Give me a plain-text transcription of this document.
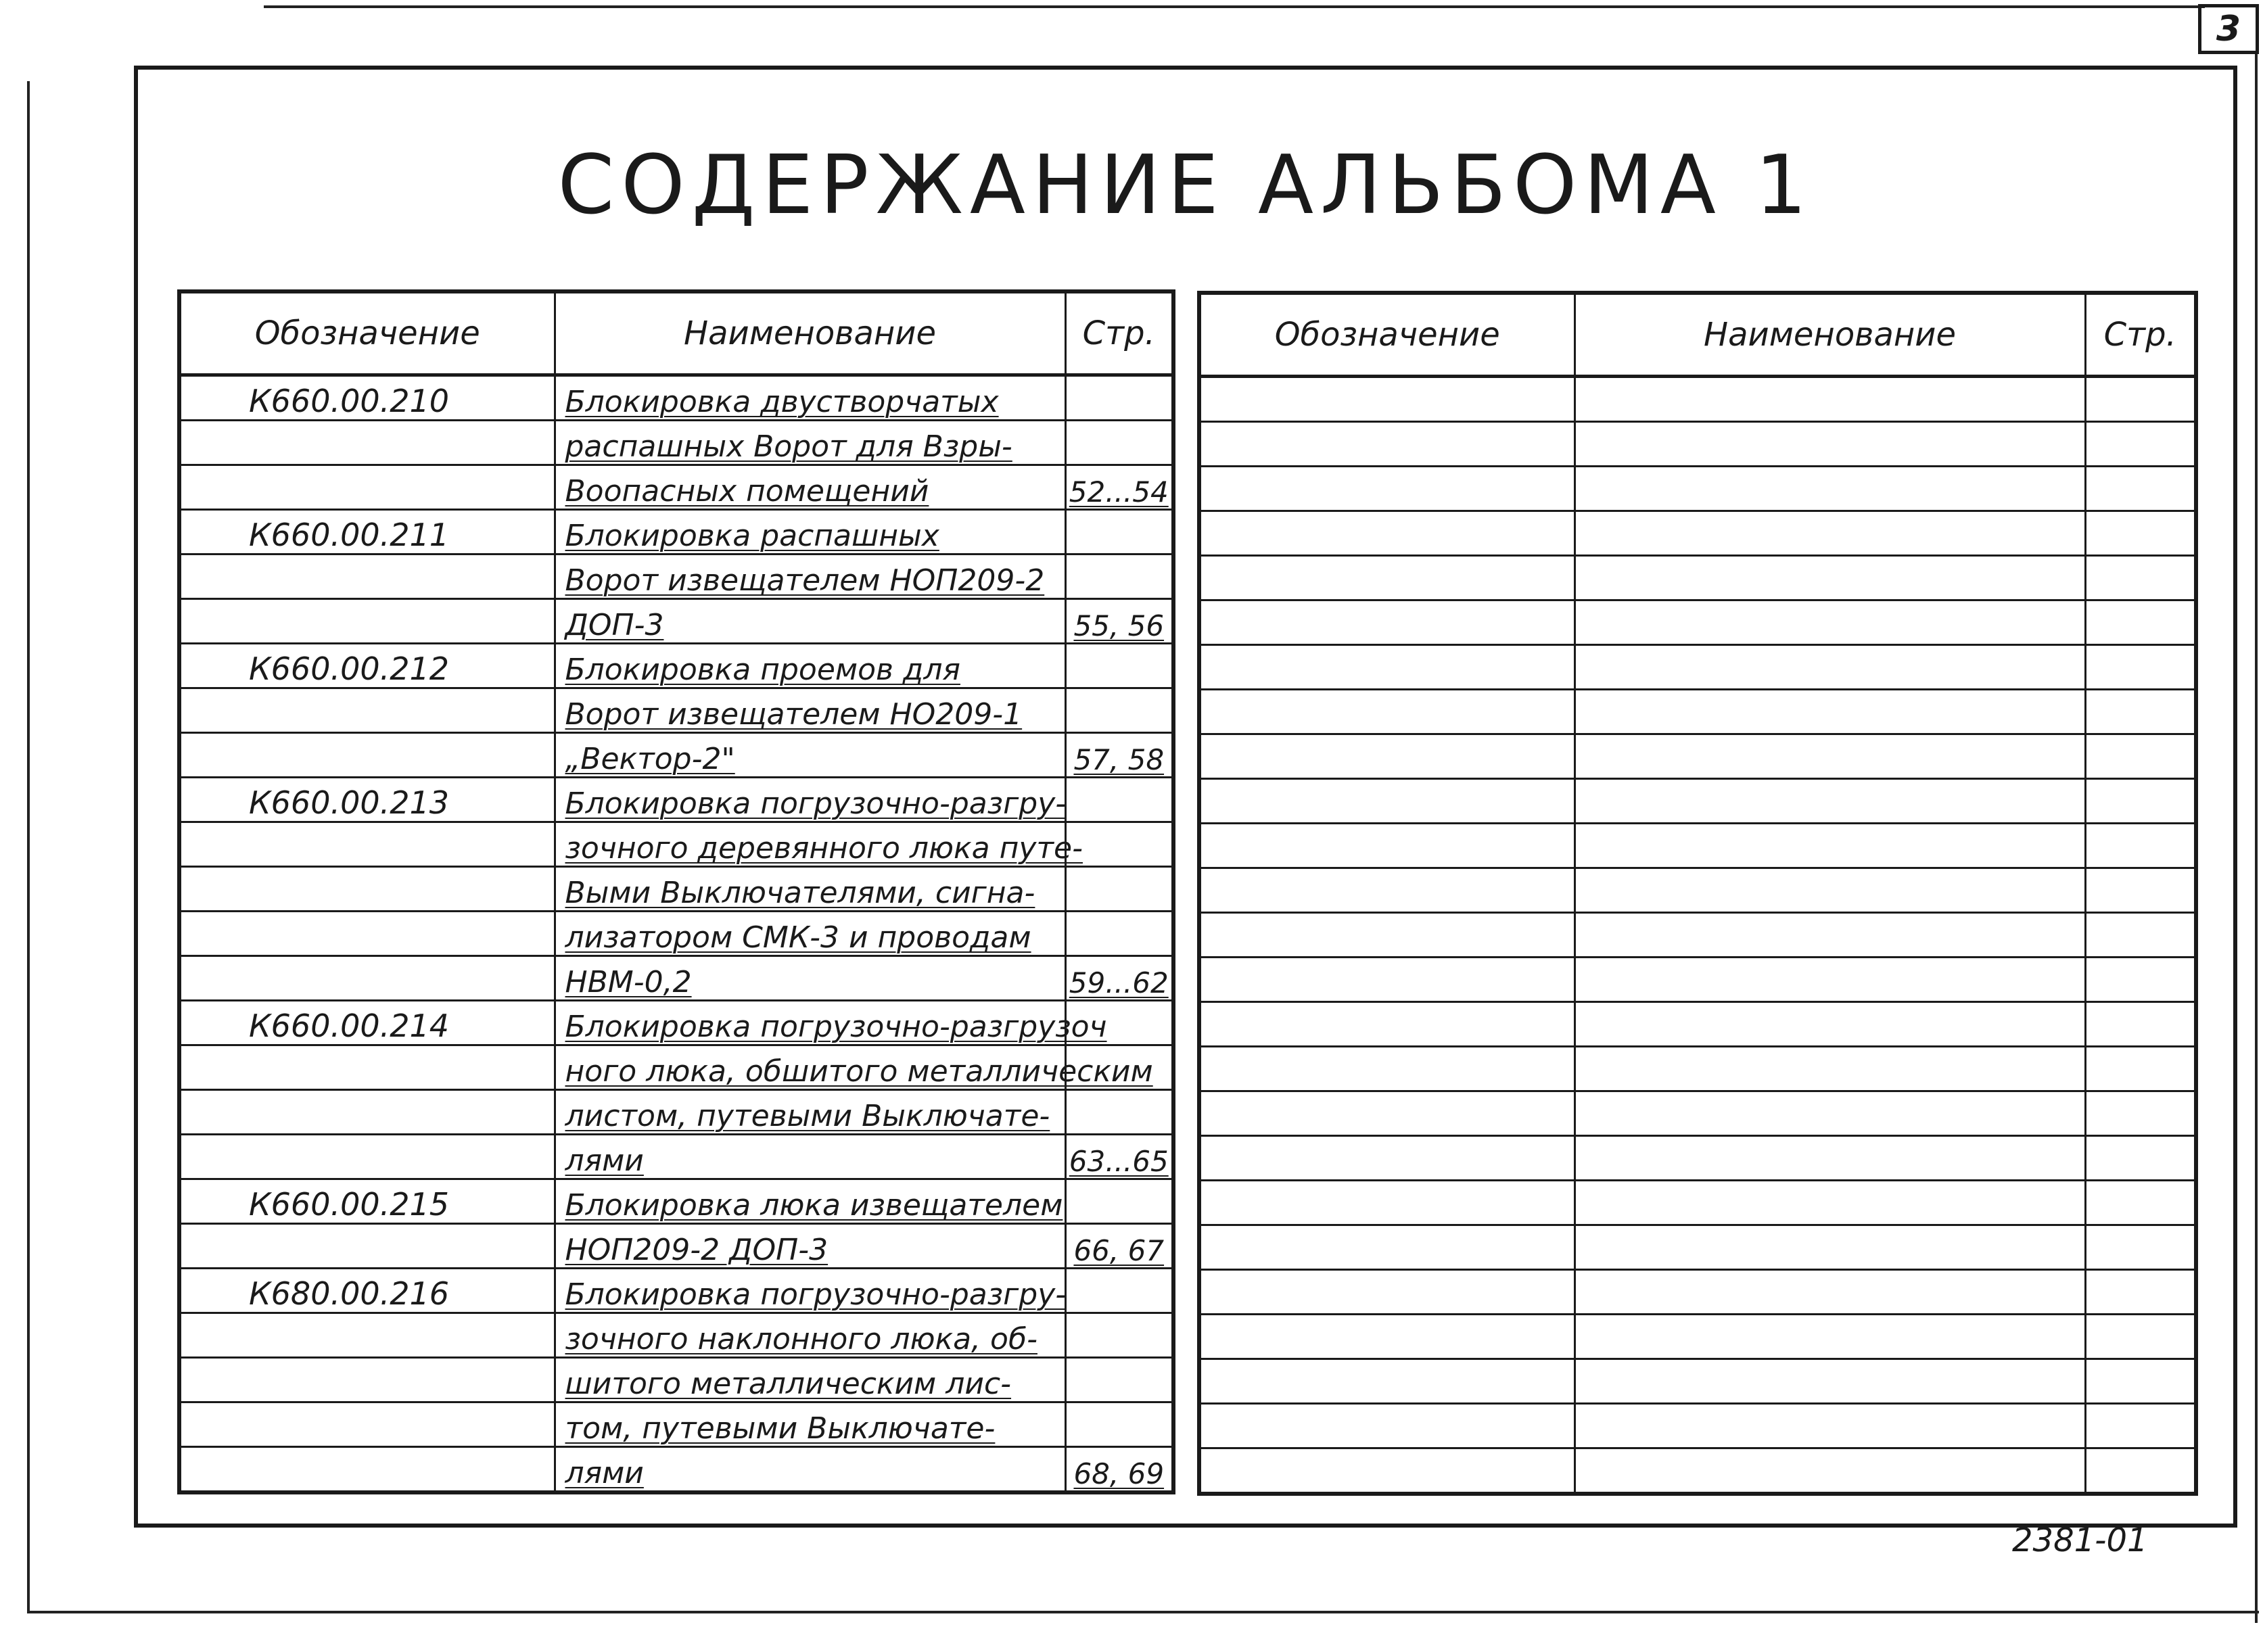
3
СОДЕРЖАНИЕ АЛЬБОМА 1
Обозначение	Наименование	Стр.
К660.00.210	Блокировка двустворчатых	
	распашных Ворот для Взры-	
	Воопасных помещений	52...54
К660.00.211	Блокировка распашных	
	Ворот извещателем НОП209-2	
	ДОП-3	55, 56
К660.00.212	Блокировка проемов для	
	Ворот извещателем НО209-1	
	„Вектор-2"	57, 58
К660.00.213	Блокировка погрузочно-разгру-	
	зочного деревянного люка путе-	
	Выми Выключателями, сигна-	
	лизатором СМК-3 и проводам	
	НВМ-0,2	59...62
К660.00.214	Блокировка погрузочно-разгрузоч	
	ного люка, обшитого металлическим	
	листом, путевыми Выключате-	
	лями	63...65
К660.00.215	Блокировка люка извещателем	
	НОП209-2 ДОП-3	66, 67
К680.00.216	Блокировка погрузочно-разгру-	
	зочного наклонного люка, об-	
	шитого металлическим лис-	
	том, путевыми Выключате-	
	лями	68, 69
Обозначение	Наименование	Стр.

2381-01
